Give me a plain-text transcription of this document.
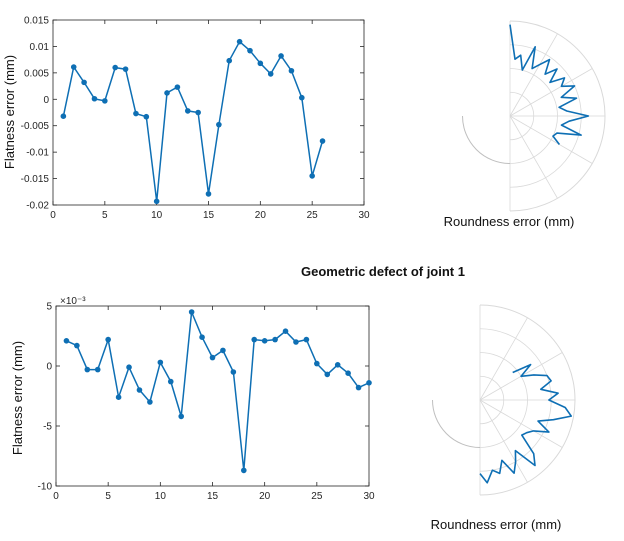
-0.02
-0.015
-0.01
-0.005
0
0.005
0.01
0.015
0	5	10	15	20	25	30
Flatness error (mm)
Roundness error (mm)
Geometric defect of joint 1
-10
-5
0
5
0	5	10	15	20	25	30
×10⁻³
Flatness error (mm)
Roundness error (mm)
